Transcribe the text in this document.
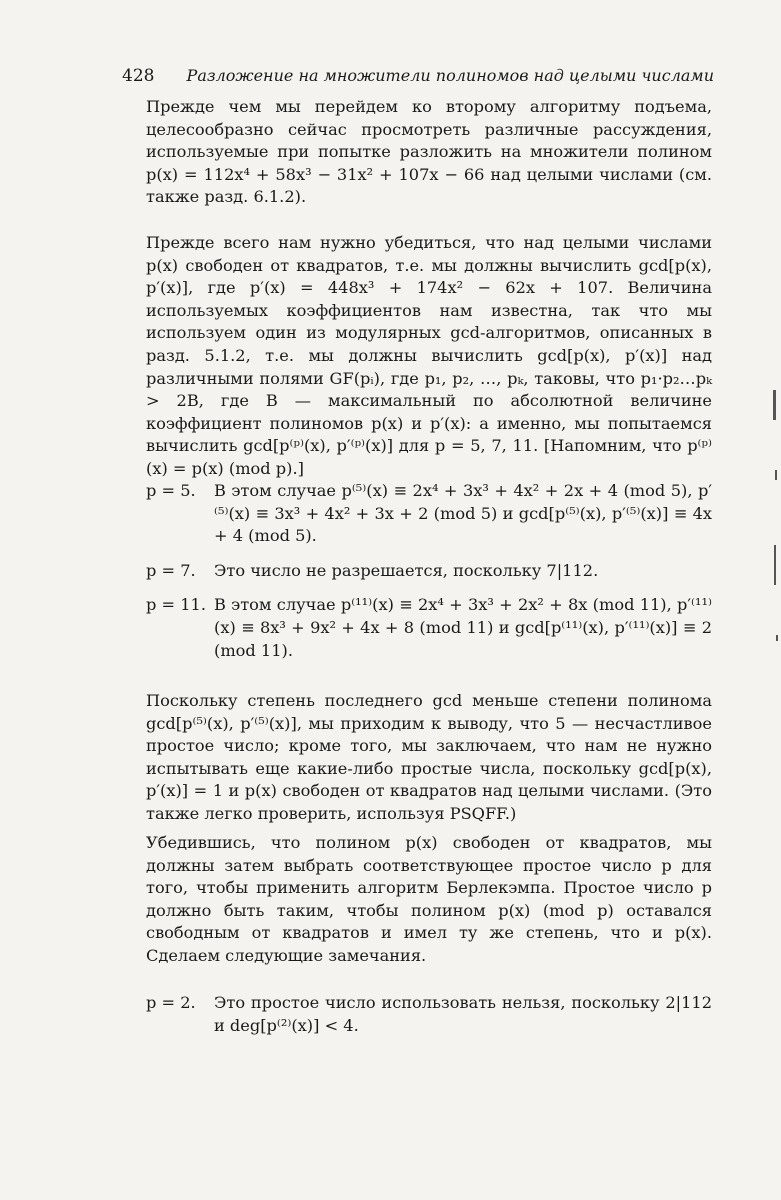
428	Разложение на множители полиномов над целыми числами

Прежде чем мы перейдем ко второму алгоритму подъема, целесообразно сейчас просмотреть различные рассуждения, используемые при попытке разложить на множители полином p(x) = 112x⁴ + 58x³ − 31x² + 107x − 66 над целыми числами (см. также разд. 6.1.2).

Прежде всего нам нужно убедиться, что над целыми числами p(x) свободен от квадратов, т.е. мы должны вычислить gcd[p(x), p′(x)], где p′(x) = 448x³ + 174x² − 62x + 107. Величина используемых коэффициентов нам известна, так что мы используем один из модулярных gcd-алгоритмов, описанных в разд. 5.1.2, т.е. мы должны вычислить gcd[p(x), p′(x)] над различными полями GF(pᵢ), где p₁, p₂, …, pₖ, таковы, что p₁·p₂…pₖ > 2B, где B — максимальный по абсолютной величине коэффициент полиномов p(x) и p′(x): а именно, мы попытаемся вычислить gcd[p⁽ᵖ⁾(x), p′⁽ᵖ⁾(x)] для p = 5, 7, 11. [Напомним, что p⁽ᵖ⁾(x) = p(x) (mod p).]

p = 5.	В этом случае p⁽⁵⁾(x) ≡ 2x⁴ + 3x³ + 4x² + 2x + 4 (mod 5), p′⁽⁵⁾(x) ≡ 3x³ + 4x² + 3x + 2 (mod 5) и gcd[p⁽⁵⁾(x), p′⁽⁵⁾(x)] ≡ 4x + 4 (mod 5).
p = 7.	Это число не разрешается, поскольку 7|112.
p = 11. В этом случае p⁽¹¹⁾(x) ≡ 2x⁴ + 3x³ + 2x² + 8x (mod 11), p′⁽¹¹⁾(x) ≡ 8x³ + 9x² + 4x + 8 (mod 11) и gcd[p⁽¹¹⁾(x), p′⁽¹¹⁾(x)] ≡ 2 (mod 11).

Поскольку степень последнего gcd меньше степени полинома gcd[p⁽⁵⁾(x), p′⁽⁵⁾(x)], мы приходим к выводу, что 5 — несчастливое простое число; кроме того, мы заключаем, что нам не нужно испытывать еще какие-либо простые числа, поскольку gcd[p(x), p′(x)] = 1 и p(x) свободен от квадратов над целыми числами. (Это также легко проверить, используя PSQFF.)

Убедившись, что полином p(x) свободен от квадратов, мы должны затем выбрать соответствующее простое число p для того, чтобы применить алгоритм Берлекэмпа. Простое число p должно быть таким, чтобы полином p(x) (mod p) оставался свободным от квадратов и имел ту же степень, что и p(x). Сделаем следующие замечания.

p = 2.	Это простое число использовать нельзя, поскольку 2|112 и deg[p⁽²⁾(x)] < 4.
